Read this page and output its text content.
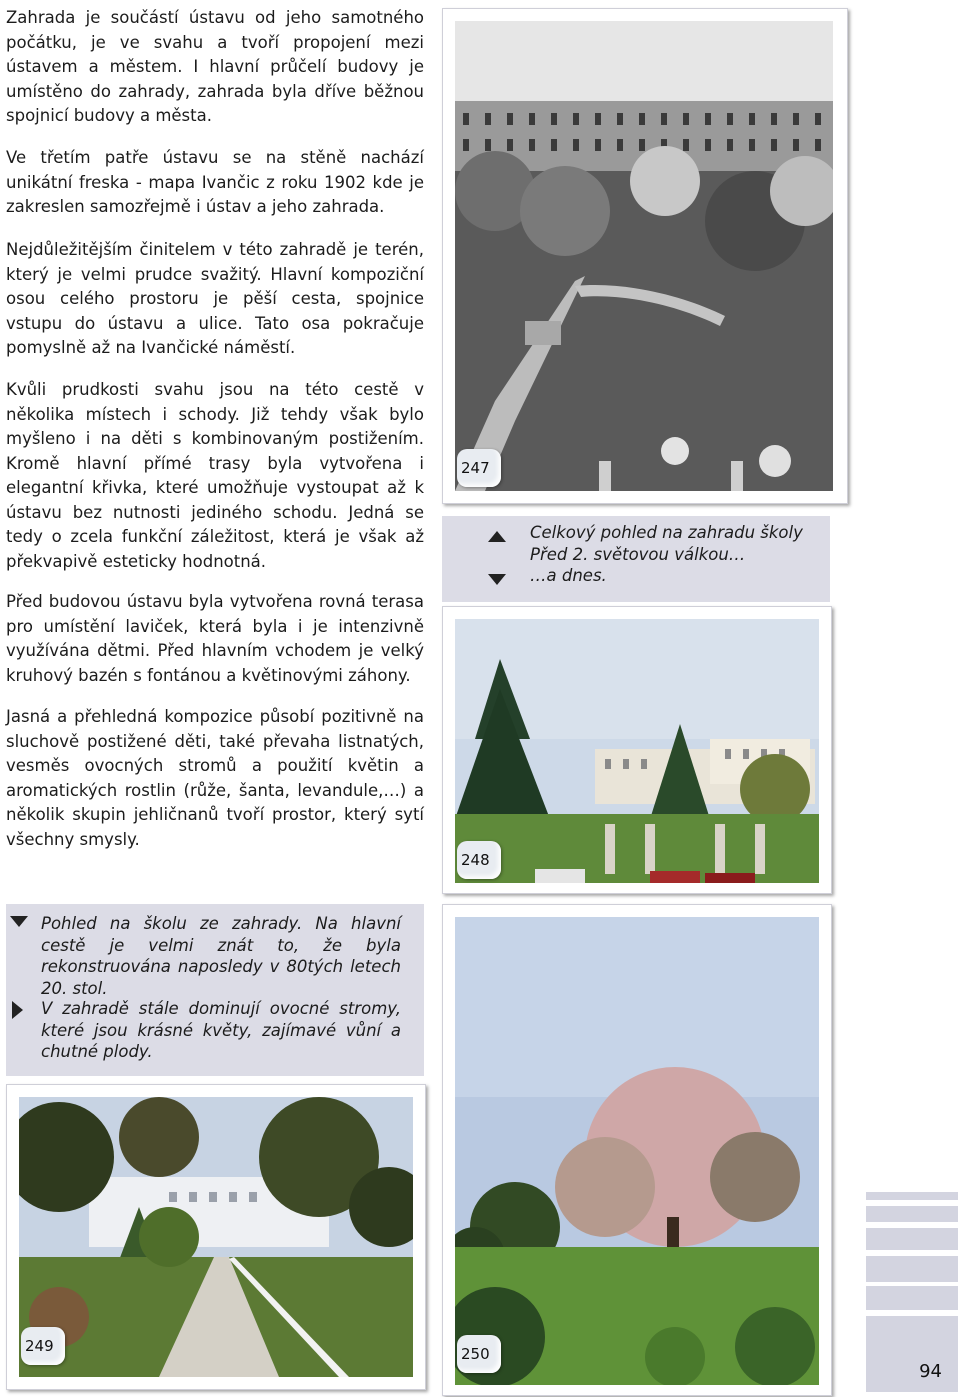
Zahrada je součástí ústavu od jeho samotného počátku, je ve svahu a tvoří propojení mezi ústavem a městem. I hlavní průčelí budovy je umístěno do zahrady, zahrada byla dříve běžnou spojnicí budovy a města.

Ve třetím patře ústavu se na stěně nachází unikátní freska - mapa Ivančic z roku 1902 kde je zakreslen samozřejmě i ústav a jeho zahrada.

Nejdůležitějším činitelem v této zahradě je terén, který je velmi prudce svažitý. Hlavní kompoziční osou celého prostoru je pěší cesta, spojnice vstupu do ústavu a ulice. Tato osa pokračuje pomyslně až na Ivančické náměstí.

Kvůli prudkosti svahu jsou na této cestě v několika místech i schody. Již tehdy však bylo myšleno i na děti s kombinovaným postižením. Kromě hlavní přímé trasy byla vytvořena i elegantní křivka, které umožňuje vystoupat až k ústavu bez nutnosti jediného schodu. Jedná se tedy o zcela funkční záležitost, která je však až překvapivě esteticky hodnotná.

Před budovou ústavu byla vytvořena rovná terasa pro umístění laviček, která byla i je intenzivně využívána dětmi. Před hlavním vchodem je velký kruhový bazén s fontánou a květinovými záhony.

Jasná a přehledná kompozice působí pozitivně na sluchově postižené děti, také převaha listnatých, vesměs ovocných stromů a použití květin a aromatických rostlin (růže, šanta, levandule,…) a několik skupin jehličnanů tvoří prostor, který sytí všechny smysly.

247

Celkový pohled na zahradu školy

Před 2. světovou válkou…

…a dnes.

248

Pohled na školu ze zahrady. Na hlavní cestě je velmi znát to, že byla rekonstruována naposledy v 80tých letech 20. stol.

V zahradě stále dominují ovocné stromy, které jsou krásné květy, zajímavé vůní a chutné plody.

249	250
94
